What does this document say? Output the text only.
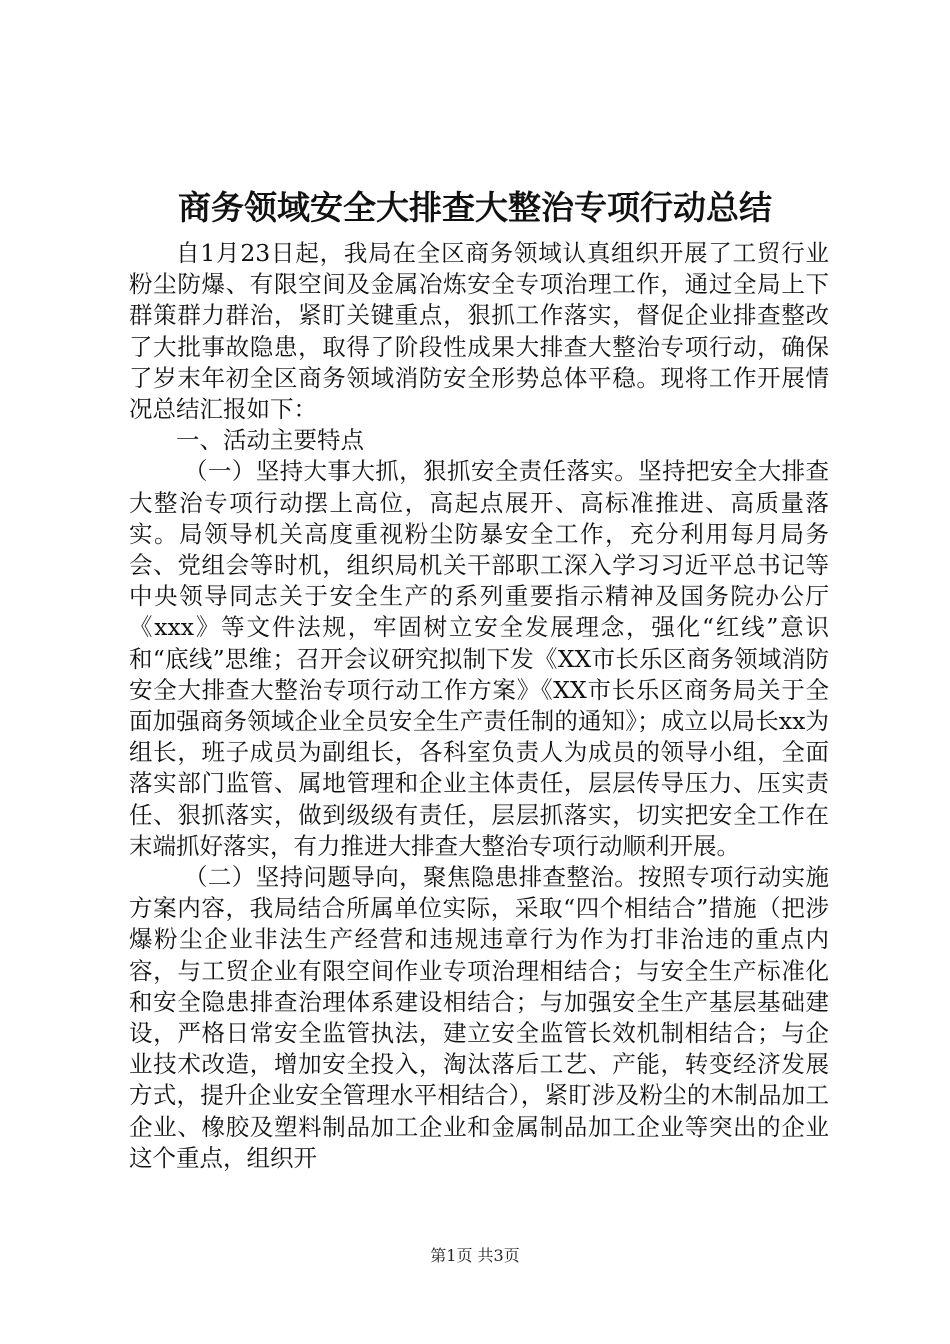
商务领域安全大排查大整治专项行动总结

自1月23日起，我局在全区商务领域认真组织开展了工贸行业粉尘防爆、有限空间及金属冶炼安全专项治理工作，通过全局上下群策群力群治，紧盯关键重点，狠抓工作落实，督促企业排查整改了大批事故隐患，取得了阶段性成果大排查大整治专项行动，确保了岁末年初全区商务领域消防安全形势总体平稳。现将工作开展情况总结汇报如下：

一、活动主要特点

（一）坚持大事大抓，狠抓安全责任落实。坚持把安全大排查大整治专项行动摆上高位，高起点展开、高标准推进、高质量落实。局领导机关高度重视粉尘防暴安全工作，充分利用每月局务会、党组会等时机，组织局机关干部职工深入学习习近平总书记等中央领导同志关于安全生产的系列重要指示精神及国务院办公厅《xxx》等文件法规，牢固树立安全发展理念，强化“红线”意识和“底线”思维；召开会议研究拟制下发《XX市长乐区商务领域消防安全大排查大整治专项行动工作方案》《XX市长乐区商务局关于全面加强商务领域企业全员安全生产责任制的通知》；成立以局长xx为组长，班子成员为副组长，各科室负责人为成员的领导小组，全面落实部门监管、属地管理和企业主体责任，层层传导压力、压实责任、狠抓落实，做到级级有责任，层层抓落实，切实把安全工作在末端抓好落实，有力推进大排查大整治专项行动顺利开展。

（二）坚持问题导向，聚焦隐患排查整治。按照专项行动实施方案内容，我局结合所属单位实际，采取“四个相结合”措施（把涉爆粉尘企业非法生产经营和违规违章行为作为打非治违的重点内容，与工贸企业有限空间作业专项治理相结合；与安全生产标准化和安全隐患排查治理体系建设相结合；与加强安全生产基层基础建设，严格日常安全监管执法，建立安全监管长效机制相结合；与企业技术改造，增加安全投入，淘汰落后工艺、产能，转变经济发展方式，提升企业安全管理水平相结合），紧盯涉及粉尘的木制品加工企业、橡胶及塑料制品加工企业和金属制品加工企业等突出的企业这个重点，组织开

第1页 共3页
